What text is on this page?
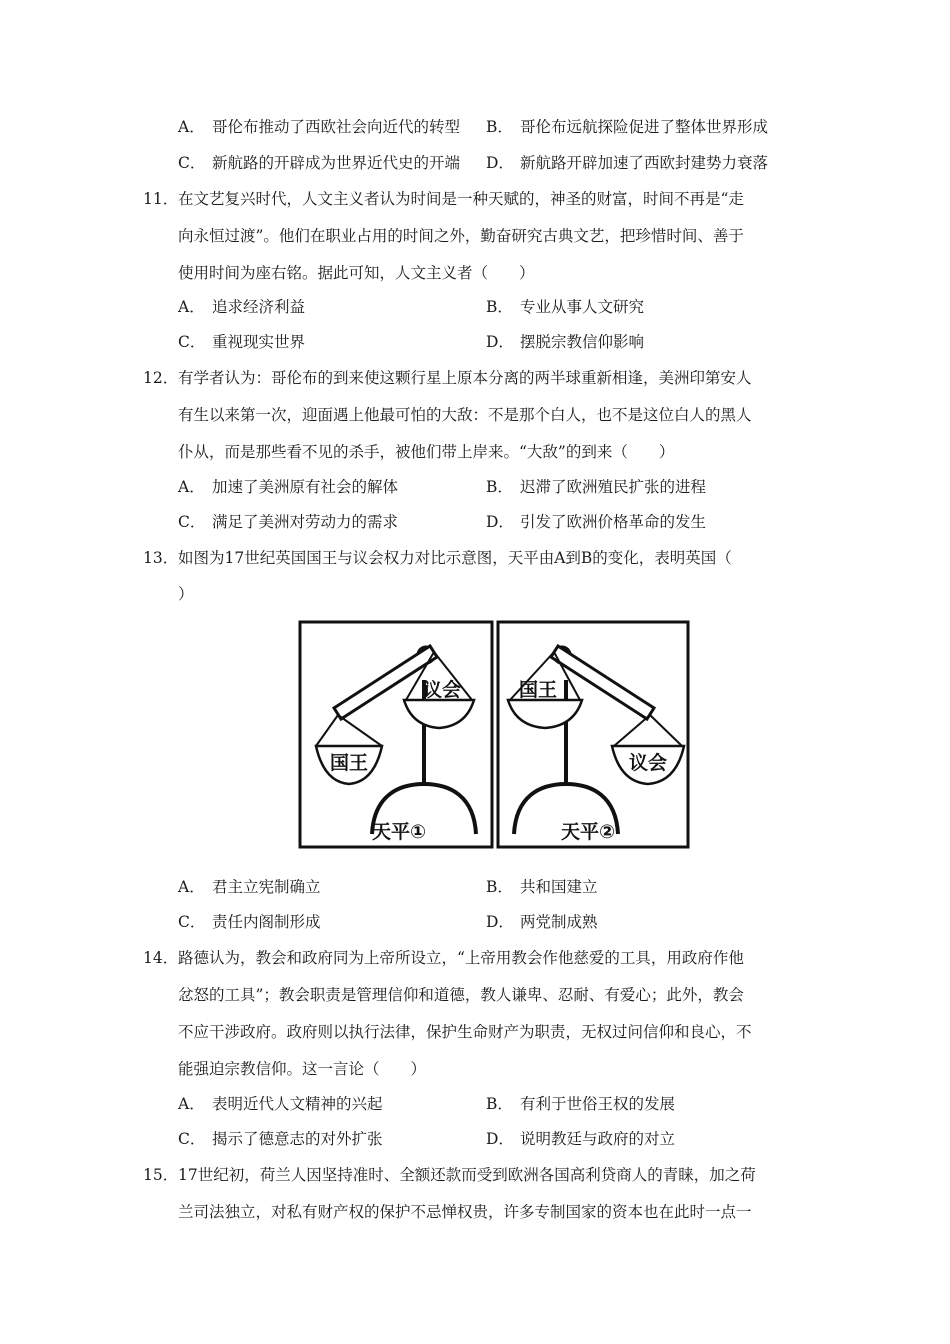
A． 哥伦布推动了西欧社会向近代的转型 B． 哥伦布远航探险促进了整体世界形成
C． 新航路的开辟成为世界近代史的开端 D． 新航路开辟加速了西欧封建势力衰落
11． 在文艺复兴时代，人文主义者认为时间是一种天赋的，神圣的财富，时间不再是“走
向永恒过渡”。他们在职业占用的时间之外，勤奋研究古典文艺，把珍惜时间、善于
使用时间为座右铭。据此可知，人文主义者（　　）
A． 追求经济利益	B． 专业从事人文研究
C． 重视现实世界	D． 摆脱宗教信仰影响
12． 有学者认为：哥伦布的到来使这颗行星上原本分离的两半球重新相逢，美洲印第安人
有生以来第一次，迎面遇上他最可怕的大敌：不是那个白人，也不是这位白人的黑人
仆从，而是那些看不见的杀手，被他们带上岸来。“大敌”的到来（　　）
A． 加速了美洲原有社会的解体	B． 迟滞了欧洲殖民扩张的进程
C． 满足了美洲对劳动力的需求	D． 引发了欧洲价格革命的发生
13． 如图为17世纪英国国王与议会权力对比示意图，天平由A到B的变化，表明英国（
）
国王
议会
天平①
国王
议会
天平②
A． 君主立宪制确立	B． 共和国建立
C． 责任内阁制形成	D． 两党制成熟
14． 路德认为，教会和政府同为上帝所设立，“上帝用教会作他慈爱的工具，用政府作他
忿怒的工具”；教会职责是管理信仰和道德，教人谦卑、忍耐、有爱心；此外，教会
不应干涉政府。政府则以执行法律，保护生命财产为职责，无权过问信仰和良心，不
能强迫宗教信仰。这一言论（　　）
A． 表明近代人文精神的兴起	B． 有利于世俗王权的发展
C． 揭示了德意志的对外扩张	D． 说明教廷与政府的对立
15． 17世纪初，荷兰人因坚持准时、全额还款而受到欧洲各国高利贷商人的青睐，加之荷
兰司法独立，对私有财产权的保护不忌惮权贵，许多专制国家的资本也在此时一点一
